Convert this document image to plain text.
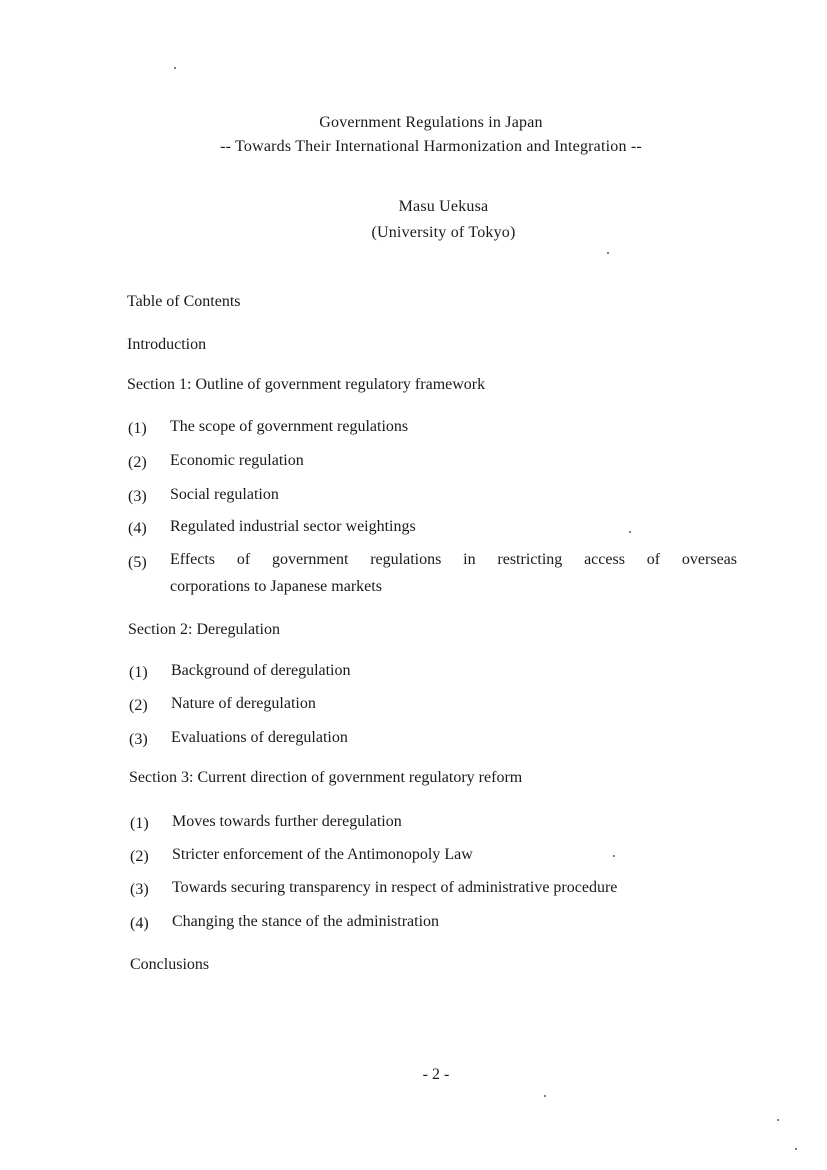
Government Regulations in Japan
-- Towards Their International Harmonization and Integration --
Masu Uekusa
(University of Tokyo)
Table of Contents
Introduction
Section 1: Outline of government regulatory framework
(1) The scope of government regulations
(2) Economic regulation
(3) Social regulation
(4) Regulated industrial sector weightings
(5) Effects of government regulations in restricting access of overseas
corporations to Japanese markets
Section 2: Deregulation
(1) Background of deregulation
(2) Nature of deregulation
(3) Evaluations of deregulation
Section 3: Current direction of government regulatory reform
(1) Moves towards further deregulation
(2) Stricter enforcement of the Antimonopoly Law
(3) Towards securing transparency in respect of administrative procedure
(4) Changing the stance of the administration
Conclusions
- 2 -
